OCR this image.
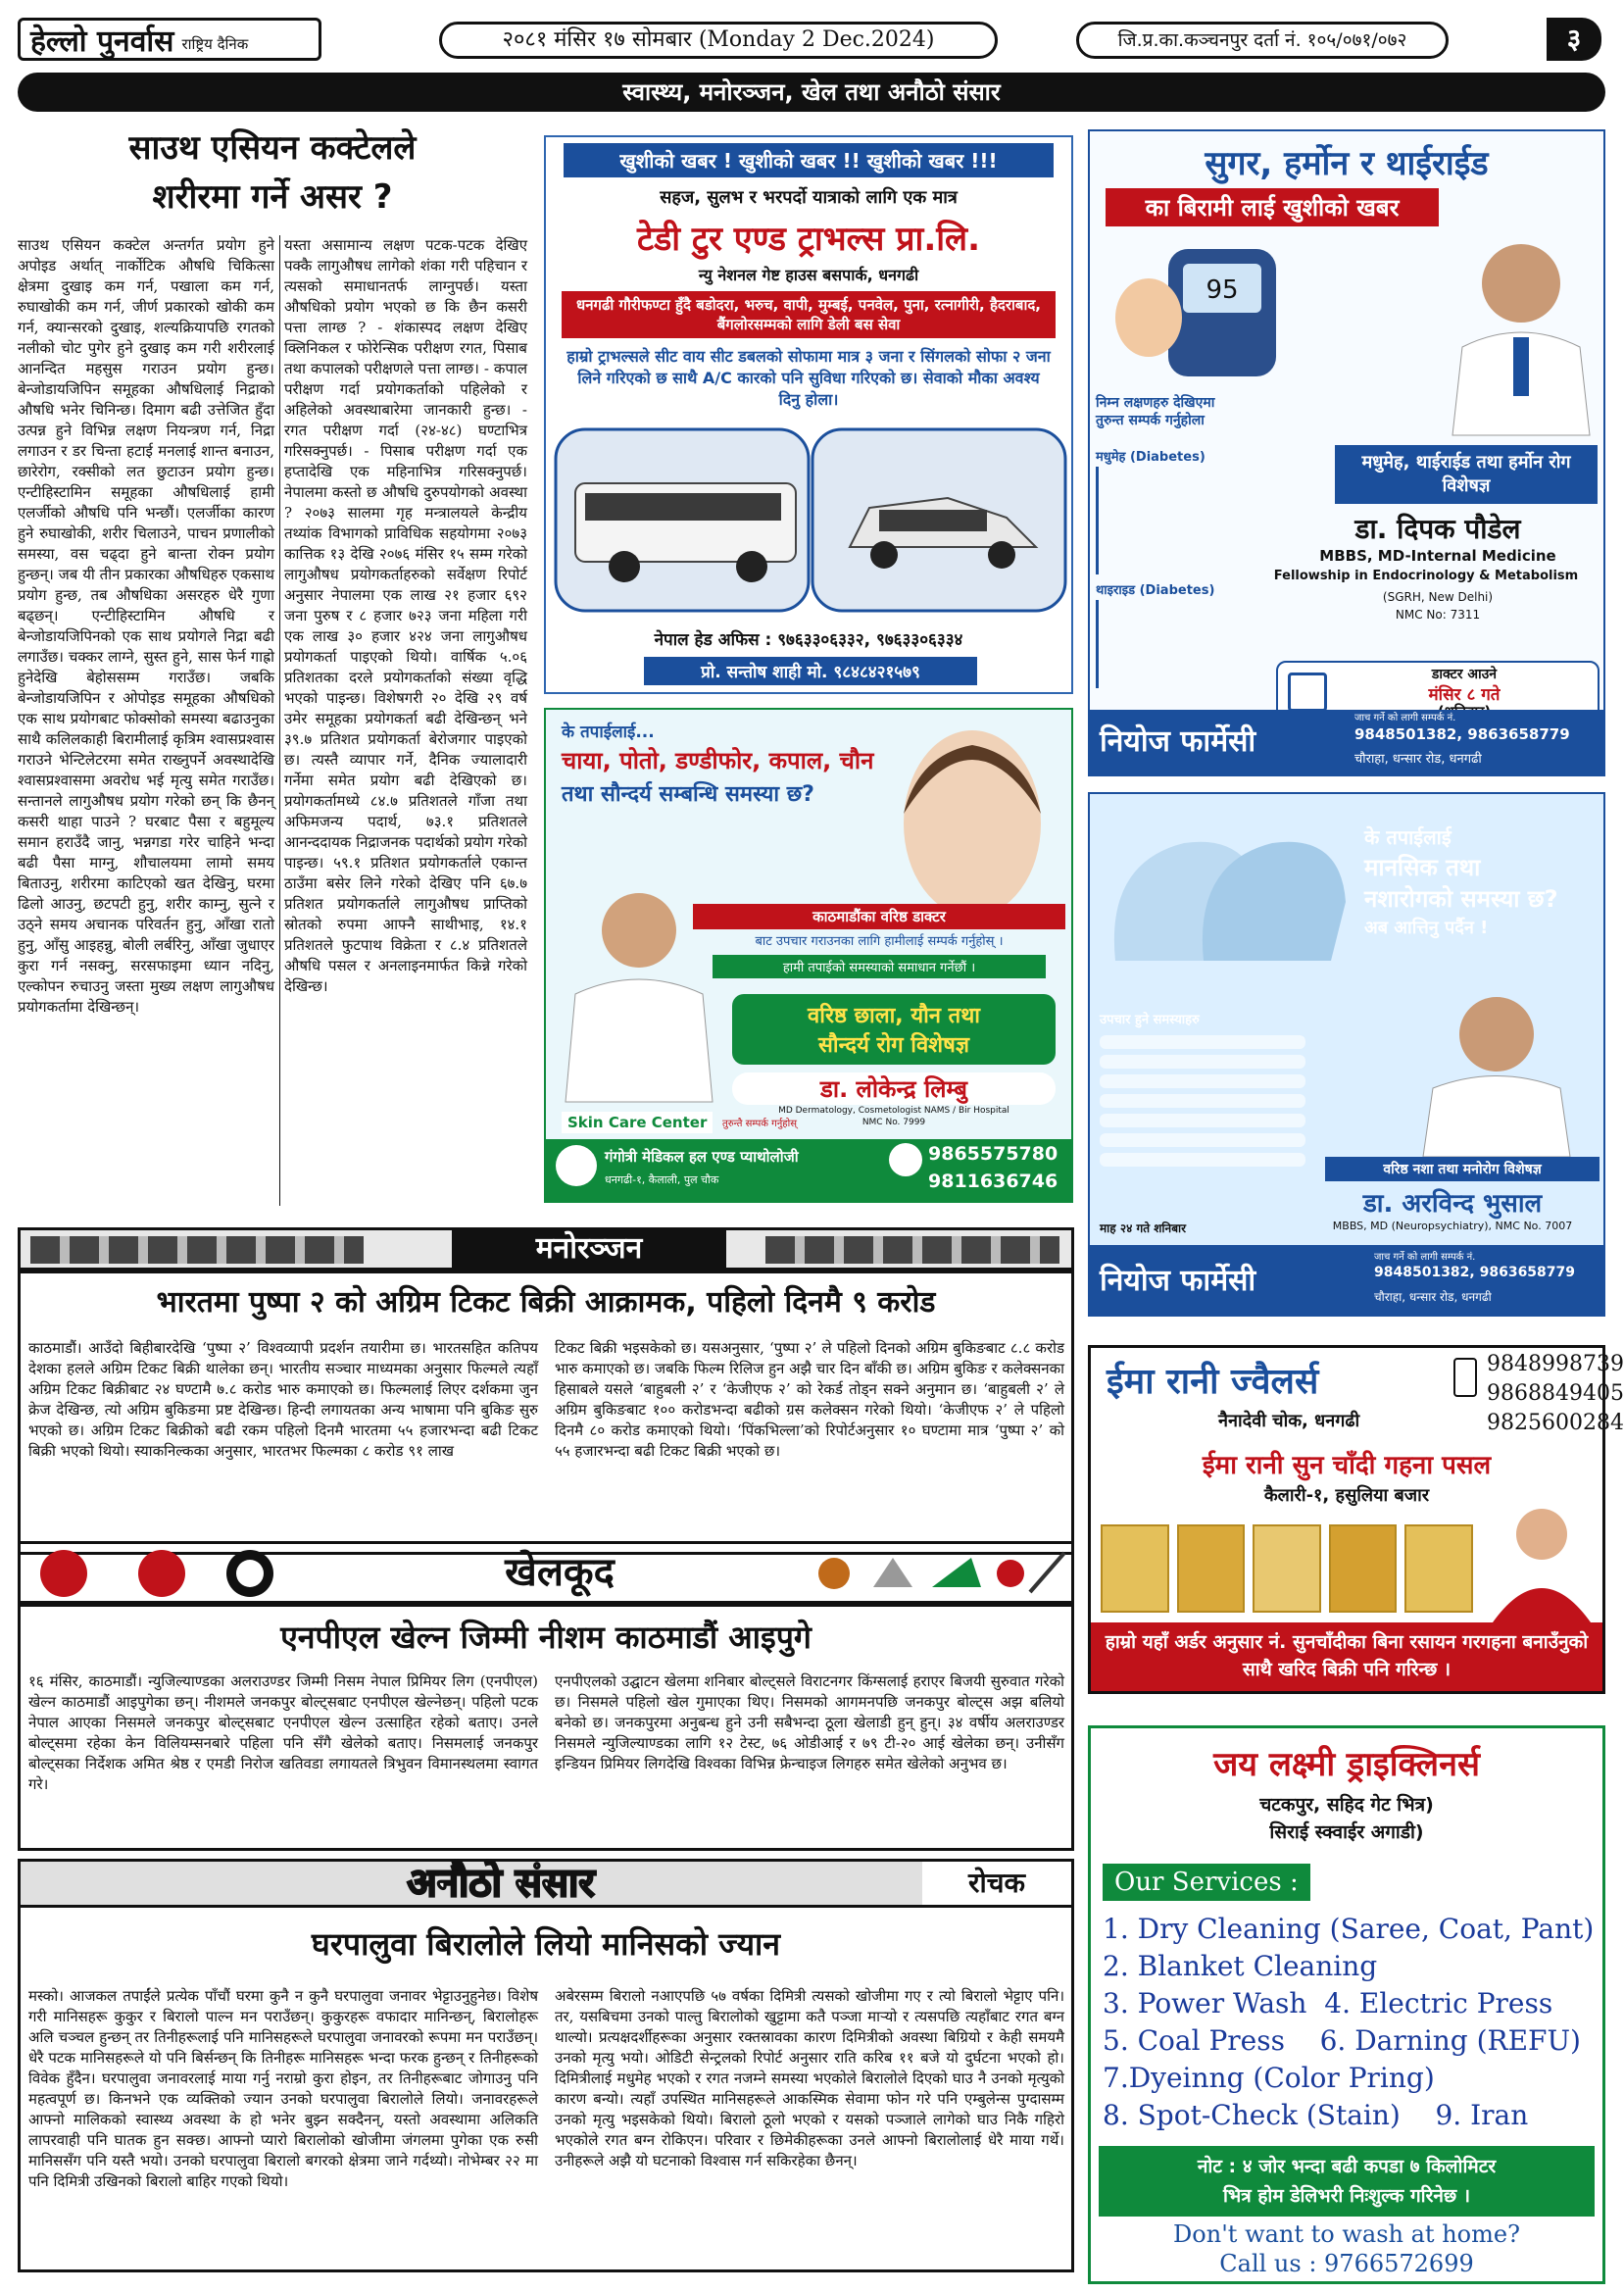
हेल्लो पुनर्वास राष्ट्रिय दैनिक	२०८१ मंसिर १७ सोमबार (Monday 2 Dec.2024)	जि.प्र.का.कञ्चनपुर दर्ता नं. १०५/०७१/०७२	३
स्वास्थ्य, मनोरञ्जन, खेल तथा अनौठो संसार
साउथ एसियन कक्टेलले
शरीरमा गर्ने असर ?
साउथ एसियन कक्टेल अन्तर्गत प्रयोग हुने अपोइड अर्थात् नार्कोटिक औषधि चिकित्सा क्षेत्रमा दुखाइ कम गर्न, पखाला कम गर्न, रुघाखोकी कम गर्न, जीर्ण प्रकारको खोकी कम गर्न, क्यान्सरको दुखाइ, शल्यक्रियापछि रगतको नलीको चोट पुगेर हुने दुखाइ कम गरी शरीरलाई आनन्दित महसुस गराउन प्रयोग हुन्छ। बेन्जोडायजिपिन समूहका औषधिलाई निद्राको औषधि भनेर चिनिन्छ। दिमाग बढी उत्तेजित हुँदा उत्पन्न हुने विभिन्न लक्षण नियन्त्रण गर्न, निद्रा लगाउन र डर चिन्ता हटाई मनलाई शान्त बनाउन, छारेरोग, रक्सीको लत छुटाउन प्रयोग हुन्छ। एन्टीहिस्टामिन समूहका औषधिलाई हामी एलर्जीको औषधि पनि भन्छौं। एलर्जीका कारण हुने रुघाखोकी, शरीर चिलाउने, पाचन प्रणालीको समस्या, वस चढ्दा हुने बान्ता रोक्न प्रयोग हुन्छन्। जब यी तीन प्रकारका औषधिहरु एकसाथ प्रयोग हुन्छ, तब औषधिका असरहरु धेरै गुणा बढ्छन्। एन्टीहिस्टामिन औषधि र बेन्जोडायजिपिनको एक साथ प्रयोगले निद्रा बढी लगाउँछ। चक्कर लाग्ने, सुस्त हुने, सास फेर्न गाह्रो हुनेदेखि बेहोससम्म गराउँछ। जबकि बेन्जोडायजिपिन र ओपोइड समूहका औषधिको एक साथ प्रयोगबाट फोक्सोको समस्या बढाउनुका साथै कलिलकाही बिरामीलाई कृत्रिम श्वासप्रश्वास गराउने भेन्टिलेटरमा समेत राख्नुपर्ने अवस्थादेखि श्वासप्रश्वासमा अवरोध भई मृत्यु समेत गराउँछ। सन्तानले लागुऔषध प्रयोग गरेको छन् कि छैनन् कसरी थाहा पाउने ? घरबाट पैसा र बहुमूल्य समान हराउँदै जानु, भन्नगडा गरेर चाहिने भन्दा बढी पैसा माग्नु, शौचालयमा लामो समय बिताउनु, शरीरमा काटिएको खत देखिनु, घरमा ढिलो आउनु, छटपटी हुनु, शरीर काम्नु, सुत्ने र उठ्ने समय अचानक परिवर्तन हुनु, आँखा रातो हुनु, आँसु आइहन्नु, बोली लर्बरिनु, आँखा जुधाएर कुरा गर्न नसक्नु, सरसफाइमा ध्यान नदिनु, एल्कोपन रुचाउनु जस्ता मुख्य लक्षण लागुऔषध प्रयोगकर्तामा देखिन्छन्।
यस्ता असामान्य लक्षण पटक-पटक देखिए पक्कै लागुऔषध लागेको शंका गरी पहिचान र त्यसको समाधानतर्फ लाग्नुपर्छ। यस्ता औषधिको प्रयोग भएको छ कि छैन कसरी पत्ता लाग्छ ? - शंकास्पद लक्षण देखिए क्लिनिकल र फोरेन्सिक परीक्षण रगत, पिसाब तथा कपालको परीक्षणले पत्ता लाग्छ। - कपाल परीक्षण गर्दा प्रयोगकर्ताको पहिलेको र अहिलेको अवस्थाबारेमा जानकारी हुन्छ। - रगत परीक्षण गर्दा (२४-४८) घण्टाभित्र गरिसक्नुपर्छ। - पिसाब परीक्षण गर्दा एक हप्तादेखि एक महिनाभित्र गरिसक्नुपर्छ। नेपालमा कस्तो छ औषधि दुरुपयोगको अवस्था ? २०७३ सालमा गृह मन्त्रालयले केन्द्रीय तथ्यांक विभागको प्राविधिक सहयोगमा २०७३ कात्तिक १३ देखि २०७६ मंसिर १५ सम्म गरेको लागुऔषध प्रयोगकर्ताहरुको सर्वेक्षण रिपोर्ट अनुसार नेपालमा एक लाख २१ हजार ६९२ जना पुरुष र ८ हजार ७२३ जना महिला गरी एक लाख ३० हजार ४२४ जना लागुऔषध प्रयोगकर्ता पाइएको थियो। वार्षिक ५.०६ प्रतिशतका दरले प्रयोगकर्ताको संख्या वृद्धि भएको पाइन्छ। विशेषगरी २० देखि २९ वर्ष उमेर समूहका प्रयोगकर्ता बढी देखिन्छन् भने ३९.७ प्रतिशत प्रयोगकर्ता बेरोजगार पाइएको छ। त्यस्तै व्यापार गर्ने, दैनिक ज्यालादारी गर्नेमा समेत प्रयोग बढी देखिएको छ। प्रयोगकर्तामध्ये ८४.७ प्रतिशतले गाँजा तथा अफिमजन्य पदार्थ, ७३.१ प्रतिशतले आनन्ददायक निद्राजनक पदार्थको प्रयोग गरेको पाइन्छ। ५९.१ प्रतिशत प्रयोगकर्ताले एकान्त ठाउँमा बसेर लिने गरेको देखिए पनि ६७.७ प्रतिशत प्रयोगकर्ताले लागुऔषध प्राप्तिको स्रोतको रुपमा आफ्नै साथीभाइ, १४.१ प्रतिशतले फुटपाथ विक्रेता र ८.४ प्रतिशतले औषधि पसल र अनलाइनमार्फत किन्ने गरेको देखिन्छ।
खुशीको खबर ! खुशीको खबर !! खुशीको खबर !!!
सहज, सुलभ र भरपर्दो यात्राको लागि एक मात्र
टेडी टुर एण्ड ट्राभल्स प्रा.लि.
न्यु नेशनल गेष्ट हाउस बसपार्क, धनगढी
धनगढी गौरीफण्टा हुँदै बडोदरा, भरुच, वापी, मुम्बई, पनवेल, पुना, रत्नागीरी, हैदराबाद, बैंगलोरसम्मको लागि डेली बस सेवा
हाम्रो ट्राभल्सले सीट वाय सीट डबलको सोफामा मात्र ३ जना र सिंगलको सोफा २ जना लिने गरिएको छ साथै A/C कारको पनि सुविधा गरिएको छ। सेवाको मौका अवश्य दिनु होला।
नेपाल हेड अफिस : ९७६३३०६३३२, ९७६३३०६३३४
प्रो. सन्तोष शाही मो. ९८४८४२१५७९
सुगर, हर्मोन र थाईराईड
का बिरामी लाई खुशीको खबर
95
निम्न लक्षणहरु देखिएमा तुरुन्त सम्पर्क गर्नुहोला
मधुमेह, थाईराईड तथा हर्मोन रोग विशेषज्ञ
मधुमेह (Diabetes)
थाइराइड (Diabetes)
डा. दिपक पौडेल
MBBS, MD-Internal Medicine
Fellowship in Endocrinology & Metabolism
(SGRH, New Delhi)
NMC No: 7311
डाक्टर आउने
मंसिर ८ गते
नियोज फार्मेसी
जाच गर्ने को लागी सम्पर्क नं.
9848501382, 9863658779
चौराहा, धन्सार रोड, धनगढी
के तपाईलाई...
चाया, पोतो, डण्डीफोर, कपाल, चौन
तथा सौन्दर्य सम्बन्धि समस्या छ?
काठमाडौंका वरिष्ठ डाक्टर
बाट उपचार गराउनका लागि हामीलाई सम्पर्क गर्नुहोस् ।
हामी तपाईको समस्याको समाधान गर्नेछौं ।
वरिष्ठ छाला, यौन तथा
सौन्दर्य रोग विशेषज्ञ
डा. लोकेन्द्र लिम्बु
MD Dermatology, Cosmetologist NAMS / Bir Hospital
NMC No. 7999
Skin Care Center	तुरुन्तै सम्पर्क गर्नुहोस्
गंगोत्री मेडिकल हल एण्ड प्याथोलोजी
धनगढी-१, कैलाली, पुल चौक
9865575780
9811636746
के तपाईलाई
मानसिक तथा
नशारोगको समस्या छ?
अब आत्तिनु पर्दैन !
उपचार हुने समस्याहरु
वरिष्ठ नशा तथा मनोरोग विशेषज्ञ
डा. अरविन्द भुसाल
MBBS, MD (Neuropsychiatry), NMC No. 7007
माह २४ गते शनिबार
नियोज फार्मेसी
जाच गर्ने को लागी सम्पर्क नं.
9848501382, 9863658779
चौराहा, धन्सार रोड, धनगढी
मनोरञ्जन
भारतमा पुष्पा २ को अग्रिम टिकट बिक्री आक्रामक, पहिलो दिनमै ९ करोड
काठमाडौं। आउँदो बिहीबारदेखि ‘पुष्पा २’ विश्वव्यापी प्रदर्शन तयारीमा छ। भारतसहित कतिपय देशका हलले अग्रिम टिकट बिक्री थालेका छन्। भारतीय सञ्चार माध्यमका अनुसार फिल्मले त्यहाँ अग्रिम टिकट बिक्रीबाट २४ घण्टामै ७.८ करोड भारु कमाएको छ। फिल्मलाई लिएर दर्शकमा जुन क्रेज देखिन्छ, त्यो अग्रिम बुकिङमा प्रष्ट देखिन्छ। हिन्दी लगायतका अन्य भाषामा पनि बुकिङ सुरु भएको छ। अग्रिम टिकट बिक्रीको बढी रकम पहिलो दिनमै भारतमा ५५ हजारभन्दा बढी टिकट बिक्री भएको थियो। स्याकनिल्कका अनुसार, भारतभर फिल्मका ८ करोड ९१ लाख
टिकट बिक्री भइसकेको छ। यसअनुसार, ‘पुष्पा २’ ले पहिलो दिनको अग्रिम बुकिङबाट ८.८ करोड भारु कमाएको छ। जबकि फिल्म रिलिज हुन अझै चार दिन बाँकी छ। अग्रिम बुकिङ र कलेक्सनका हिसाबले यसले ‘बाहुबली २’ र ‘केजीएफ २’ को रेकर्ड तोड्न सक्ने अनुमान छ। ‘बाहुबली २’ ले अग्रिम बुकिङबाट १०० करोडभन्दा बढीको ग्रस कलेक्सन गरेको थियो। ‘केजीएफ २’ ले पहिलो दिनमै ८० करोड कमाएको थियो। ‘पिंकभिल्ला’को रिपोर्टअनुसार १० घण्टामा मात्र ‘पुष्पा २’ को ५५ हजारभन्दा बढी टिकट बिक्री भएको छ।
खेलकूद
एनपीएल खेल्न जिम्मी नीशम काठमाडौं आइपुगे
१६ मंसिर, काठमाडौं। न्युजिल्याण्डका अलराउण्डर जिम्मी निसम नेपाल प्रिमियर लिग (एनपीएल) खेल्न काठमाडौं आइपुगेका छन्। नीशमले जनकपुर बोल्ट्सबाट एनपीएल खेल्नेछन्। पहिलो पटक नेपाल आएका निसमले जनकपुर बोल्ट्सबाट एनपीएल खेल्न उत्साहित रहेको बताए। उनले बोल्ट्समा रहेका केन विलियम्सनबारे पहिला पनि सँगै खेलेको बताए। निसमलाई जनकपुर बोल्ट्सका निर्देशक अमित श्रेष्ठ र एमडी निरोज खतिवडा लगायतले त्रिभुवन विमानस्थलमा स्वागत गरे।
एनपीएलको उद्घाटन खेलमा शनिबार बोल्ट्सले विराटनगर किंग्सलाई हराएर बिजयी सुरुवात गरेको छ। निसमले पहिलो खेल गुमाएका थिए। निसमको आगमनपछि जनकपुर बोल्ट्स अझ बलियो बनेको छ। जनकपुरमा अनुबन्ध हुने उनी सबैभन्दा ठूला खेलाडी हुन् हुन्। ३४ वर्षीय अलराउण्डर निसमले न्युजिल्याण्डका लागि १२ टेस्ट, ७६ ओडीआई र ७९ टी-२० आई खेलेका छन्। उनीसँग इन्डियन प्रिमियर लिगदेखि विश्वका विभिन्न फ्रेन्चाइज लिगहरु समेत खेलेको अनुभव छ।
अनौठो संसार	रोचक
घरपालुवा बिरालोले लियो मानिसको ज्यान
मस्को। आजकल तपाईंले प्रत्येक पाँचौं घरमा कुनै न कुनै घरपालुवा जनावर भेट्टाउनुहुनेछ। विशेष गरी मानिसहरू कुकुर र बिरालो पाल्न मन पराउँछन्। कुकुरहरू वफादार मानिन्छन्, बिरालोहरू अलि चञ्चल हुन्छन् तर तिनीहरूलाई पनि मानिसहरूले घरपालुवा जनावरको रूपमा मन पराउँछन्। धेरै पटक मानिसहरूले यो पनि बिर्सन्छन् कि तिनीहरू मानिसहरू भन्दा फरक हुन्छन् र तिनीहरूको विवेक हुँदैन। घरपालुवा जनावरलाई माया गर्नु नराम्रो कुरा होइन, तर तिनीहरूबाट जोगाउनु पनि महत्वपूर्ण छ। किनभने एक व्यक्तिको ज्यान उनको घरपालुवा बिरालोले लियो। जनावरहरूले आफ्नो मालिकको स्वास्थ्य अवस्था के हो भनेर बुझ्न सक्दैनन्, यस्तो अवस्थामा अलिकति लापरवाही पनि घातक हुन सक्छ। आफ्नो प्यारो बिरालोको खोजीमा जंगलमा पुगेका एक रुसी मानिससँग पनि यस्तै भयो। उनको घरपालुवा बिरालो बगरको क्षेत्रमा जाने गर्दथ्यो। नोभेम्बर २२ मा पनि दिमित्री उखिनको बिरालो बाहिर गएको थियो।
अबेरसम्म बिरालो नआएपछि ५७ वर्षका दिमित्री त्यसको खोजीमा गए र त्यो बिरालो भेट्टाए पनि। तर, यसबिचमा उनको पाल्तु बिरालोको खुट्टामा कतै पञ्जा मार्‍यो र त्यसपछि त्यहाँबाट रगत बग्न थाल्यो। प्रत्यक्षदर्शीहरूका अनुसार रक्तस्रावका कारण दिमित्रीको अवस्था बिग्रियो र केही समयमै उनको मृत्यु भयो। ओडिटी सेन्ट्रलको रिपोर्ट अनुसार राति करिब ११ बजे यो दुर्घटना भएको हो। दिमित्रीलाई मधुमेह भएको र रगत नजम्ने समस्या भएकोले बिरालोले दिएको घाउ नै उनको मृत्युको कारण बन्यो। त्यहाँ उपस्थित मानिसहरूले आकस्मिक सेवामा फोन गरे पनि एम्बुलेन्स पुग्दासम्म उनको मृत्यु भइसकेको थियो। बिरालो ठूलो भएको र यसको पञ्जाले लागेको घाउ निकै गहिरो भएकोले रगत बग्न रोकिएन। परिवार र छिमेकीहरूका उनले आफ्नो बिरालोलाई धेरै माया गर्थे। उनीहरूले अझै यो घटनाको विश्वास गर्न सकिरहेका छैनन्।
ईमा रानी ज्वैलर्स	9848998739
9868849405
9825600284
नैनादेवी चोक, धनगढी
ईमा रानी सुन चाँदी गहना पसल
कैलारी-१, हसुलिया बजार
हाम्रो यहाँ अर्डर अनुसार नं. सुनचाँदीका बिना रसायन गरगहना बनाउँनुको साथै खरिद बिक्री पनि गरिन्छ ।
जय लक्ष्मी ड्राइक्लिनर्स
चटकपुर, सहिद गेट भित्र)
सिराई स्क्वाईर अगाडी)
Our Services :
1. Dry Cleaning (Saree, Coat, Pant)
2. Blanket Cleaning
3. Power Wash 4. Electric Press
5. Coal Press 6. Darning (REFU)
7.Dyeinng (Color Pring)
8. Spot-Check (Stain) 9. Iran
नोट : ४ जोर भन्दा बढी कपडा ७ किलोमिटर
भित्र होम डेलिभरी निःशुल्क गरिनेछ ।
Don't want to wash at home?
Call us : 9766572699
